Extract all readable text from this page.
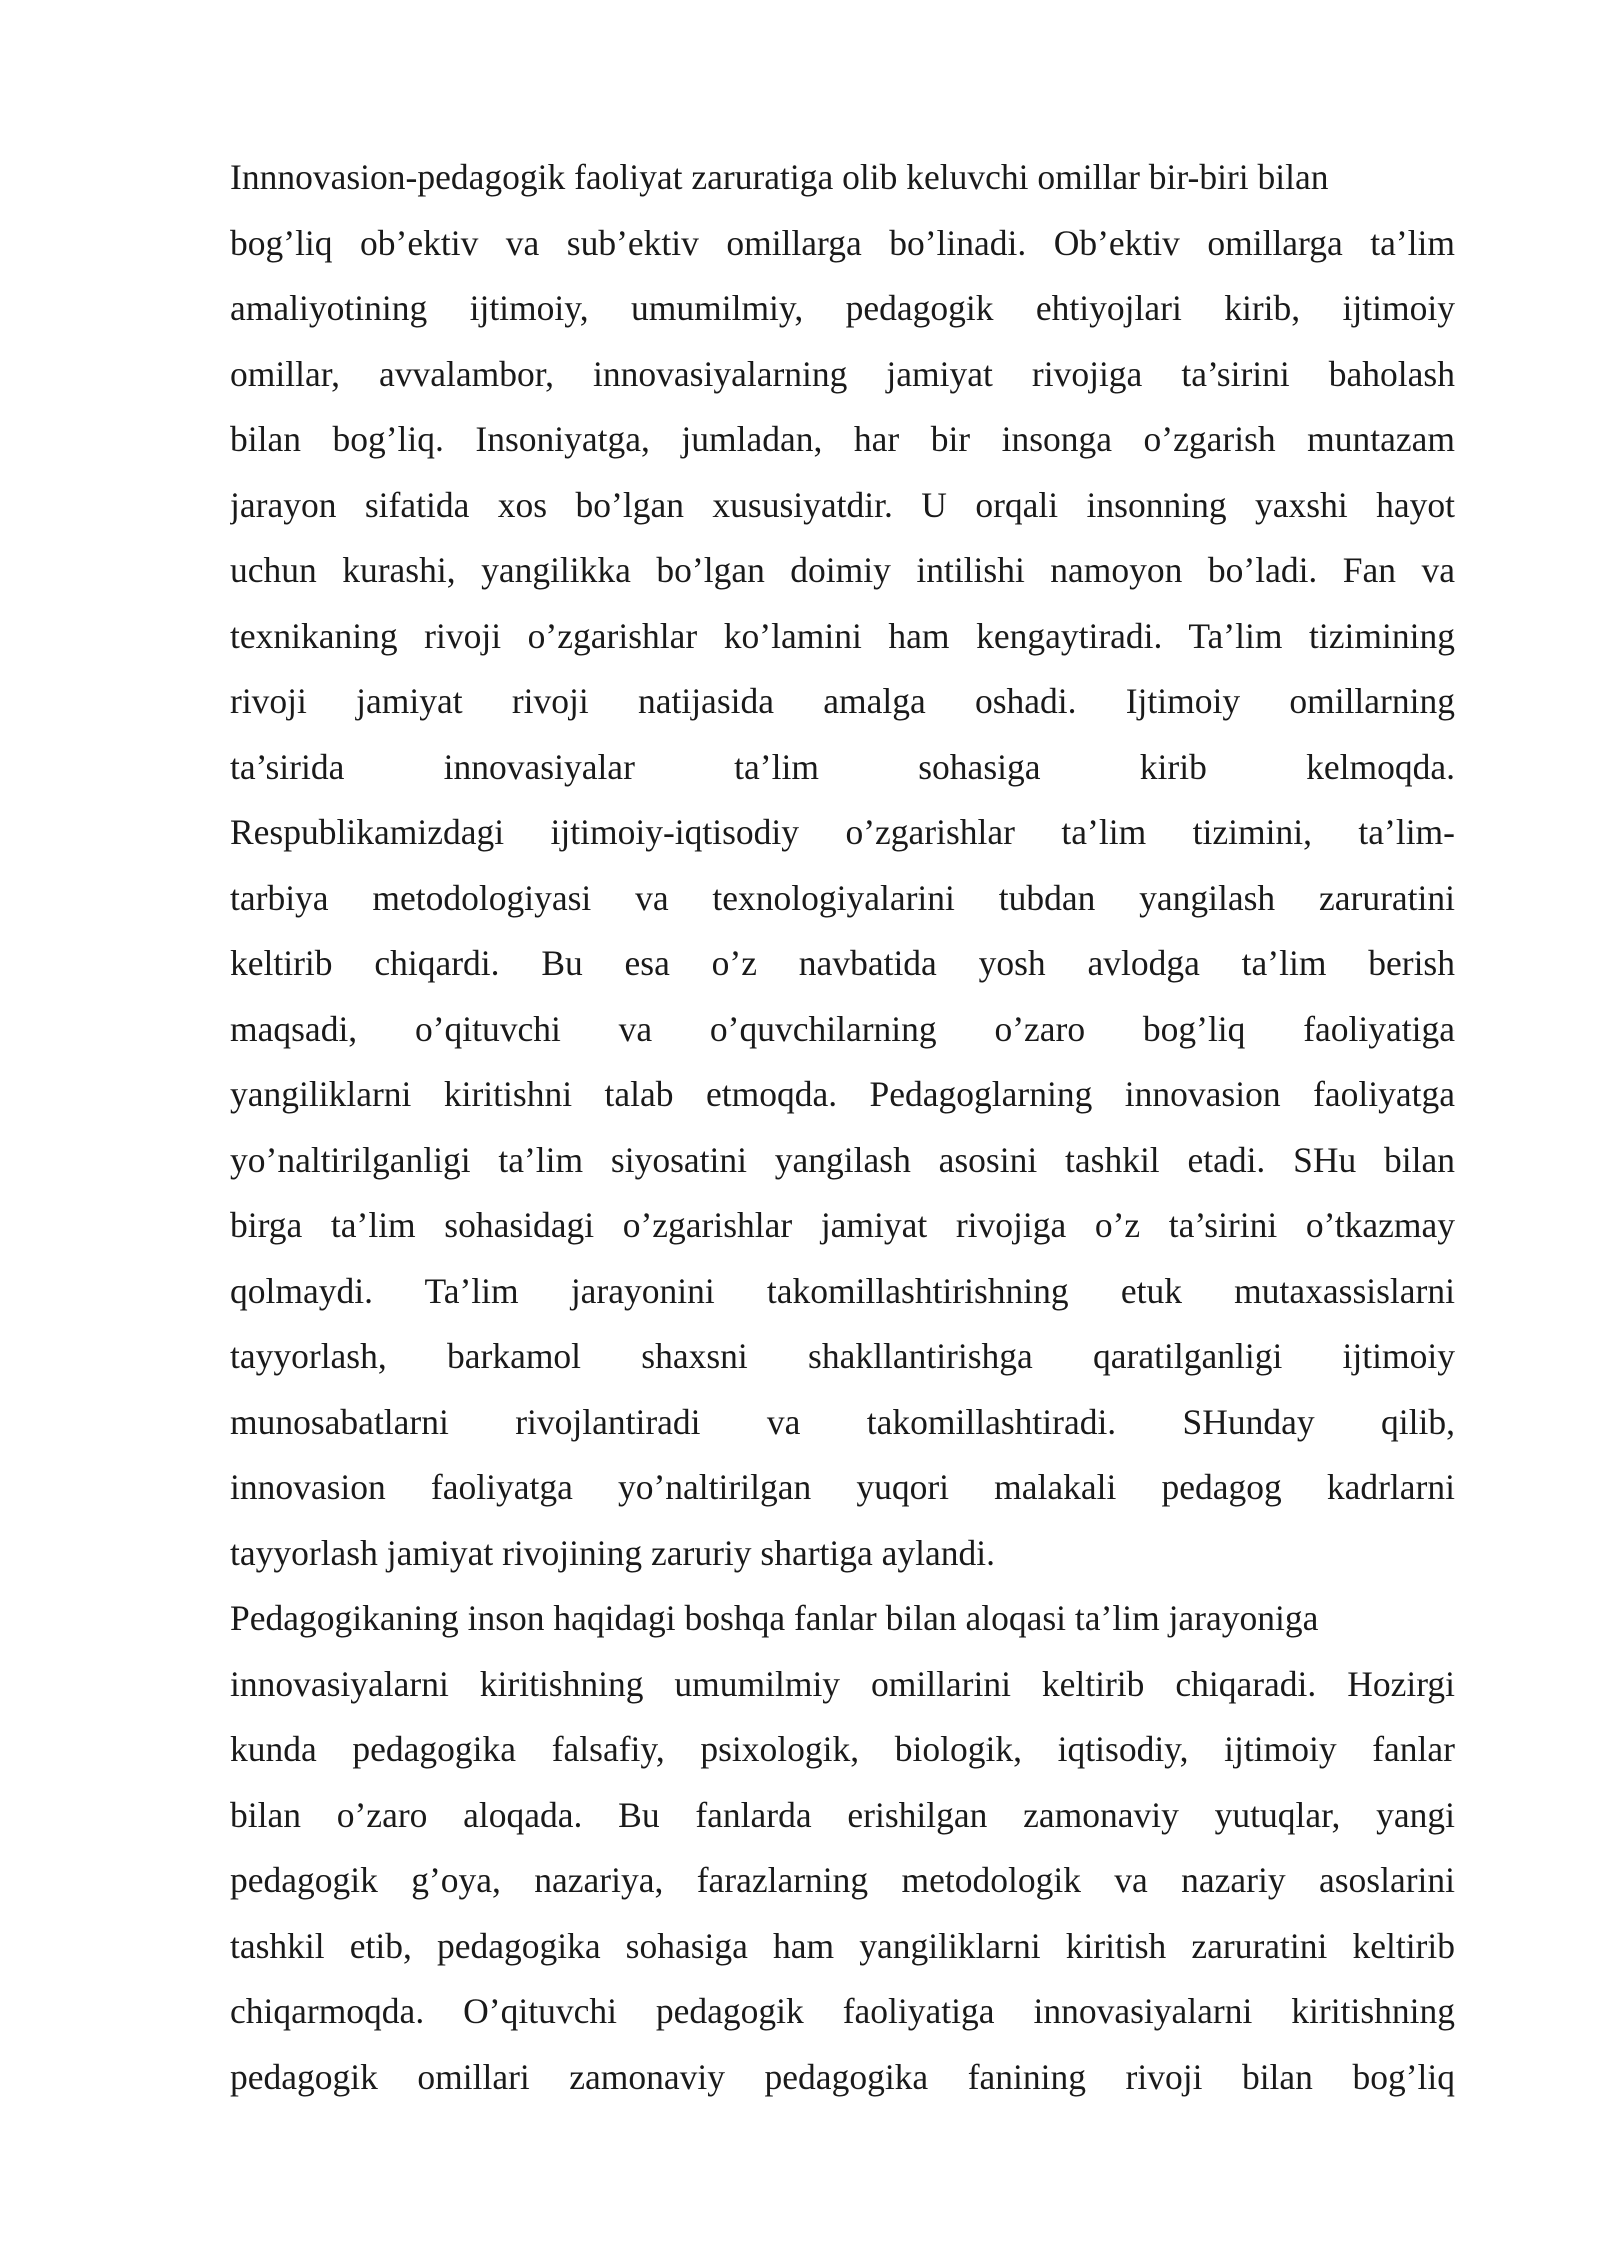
Innnovasion-pedagogik faoliyat zaruratiga olib keluvchi omillar bir-biri bilan
bog’liq ob’ektiv va sub’ektiv omillarga bo’linadi. Ob’ektiv omillarga ta’lim
amaliyotining ijtimoiy, umumilmiy, pedagogik ehtiyojlari kirib, ijtimoiy
omillar, avvalambor, innovasiyalarning jamiyat rivojiga ta’sirini baholash
bilan bog’liq. Insoniyatga, jumladan, har bir insonga o’zgarish muntazam
jarayon sifatida xos bo’lgan xususiyatdir. U orqali insonning yaxshi hayot
uchun kurashi, yangilikka bo’lgan doimiy intilishi namoyon bo’ladi. Fan va
texnikaning rivoji o’zgarishlar ko’lamini ham kengaytiradi. Ta’lim tizimining
rivoji jamiyat rivoji natijasida amalga oshadi. Ijtimoiy omillarning
ta’sirida innovasiyalar ta’lim sohasiga kirib kelmoqda.
Respublikamizdagi ijtimoiy-iqtisodiy o’zgarishlar ta’lim tizimini, ta’lim-
tarbiya metodologiyasi va texnologiyalarini tubdan yangilash zaruratini
keltirib chiqardi. Bu esa o’z navbatida yosh avlodga ta’lim berish
maqsadi, o’qituvchi va o’quvchilarning o’zaro bog’liq faoliyatiga
yangiliklarni kiritishni talab etmoqda. Pedagoglarning innovasion faoliyatga
yo’naltirilganligi ta’lim siyosatini yangilash asosini tashkil etadi. SHu bilan
birga ta’lim sohasidagi o’zgarishlar jamiyat rivojiga o’z ta’sirini o’tkazmay
qolmaydi. Ta’lim jarayonini takomillashtirishning etuk mutaxassislarni
tayyorlash, barkamol shaxsni shakllantirishga qaratilganligi ijtimoiy
munosabatlarni rivojlantiradi va takomillashtiradi. SHunday qilib,
innovasion faoliyatga yo’naltirilgan yuqori malakali pedagog kadrlarni
tayyorlash jamiyat rivojining zaruriy shartiga aylandi.
Pedagogikaning inson haqidagi boshqa fanlar bilan aloqasi ta’lim jarayoniga
innovasiyalarni kiritishning umumilmiy omillarini keltirib chiqaradi. Hozirgi
kunda pedagogika falsafiy, psixologik, biologik, iqtisodiy, ijtimoiy fanlar
bilan o’zaro aloqada. Bu fanlarda erishilgan zamonaviy yutuqlar, yangi
pedagogik g’oya, nazariya, farazlarning metodologik va nazariy asoslarini
tashkil etib, pedagogika sohasiga ham yangiliklarni kiritish zaruratini keltirib
chiqarmoqda. O’qituvchi pedagogik faoliyatiga innovasiyalarni kiritishning
pedagogik omillari zamonaviy pedagogika fanining rivoji bilan bog’liq
